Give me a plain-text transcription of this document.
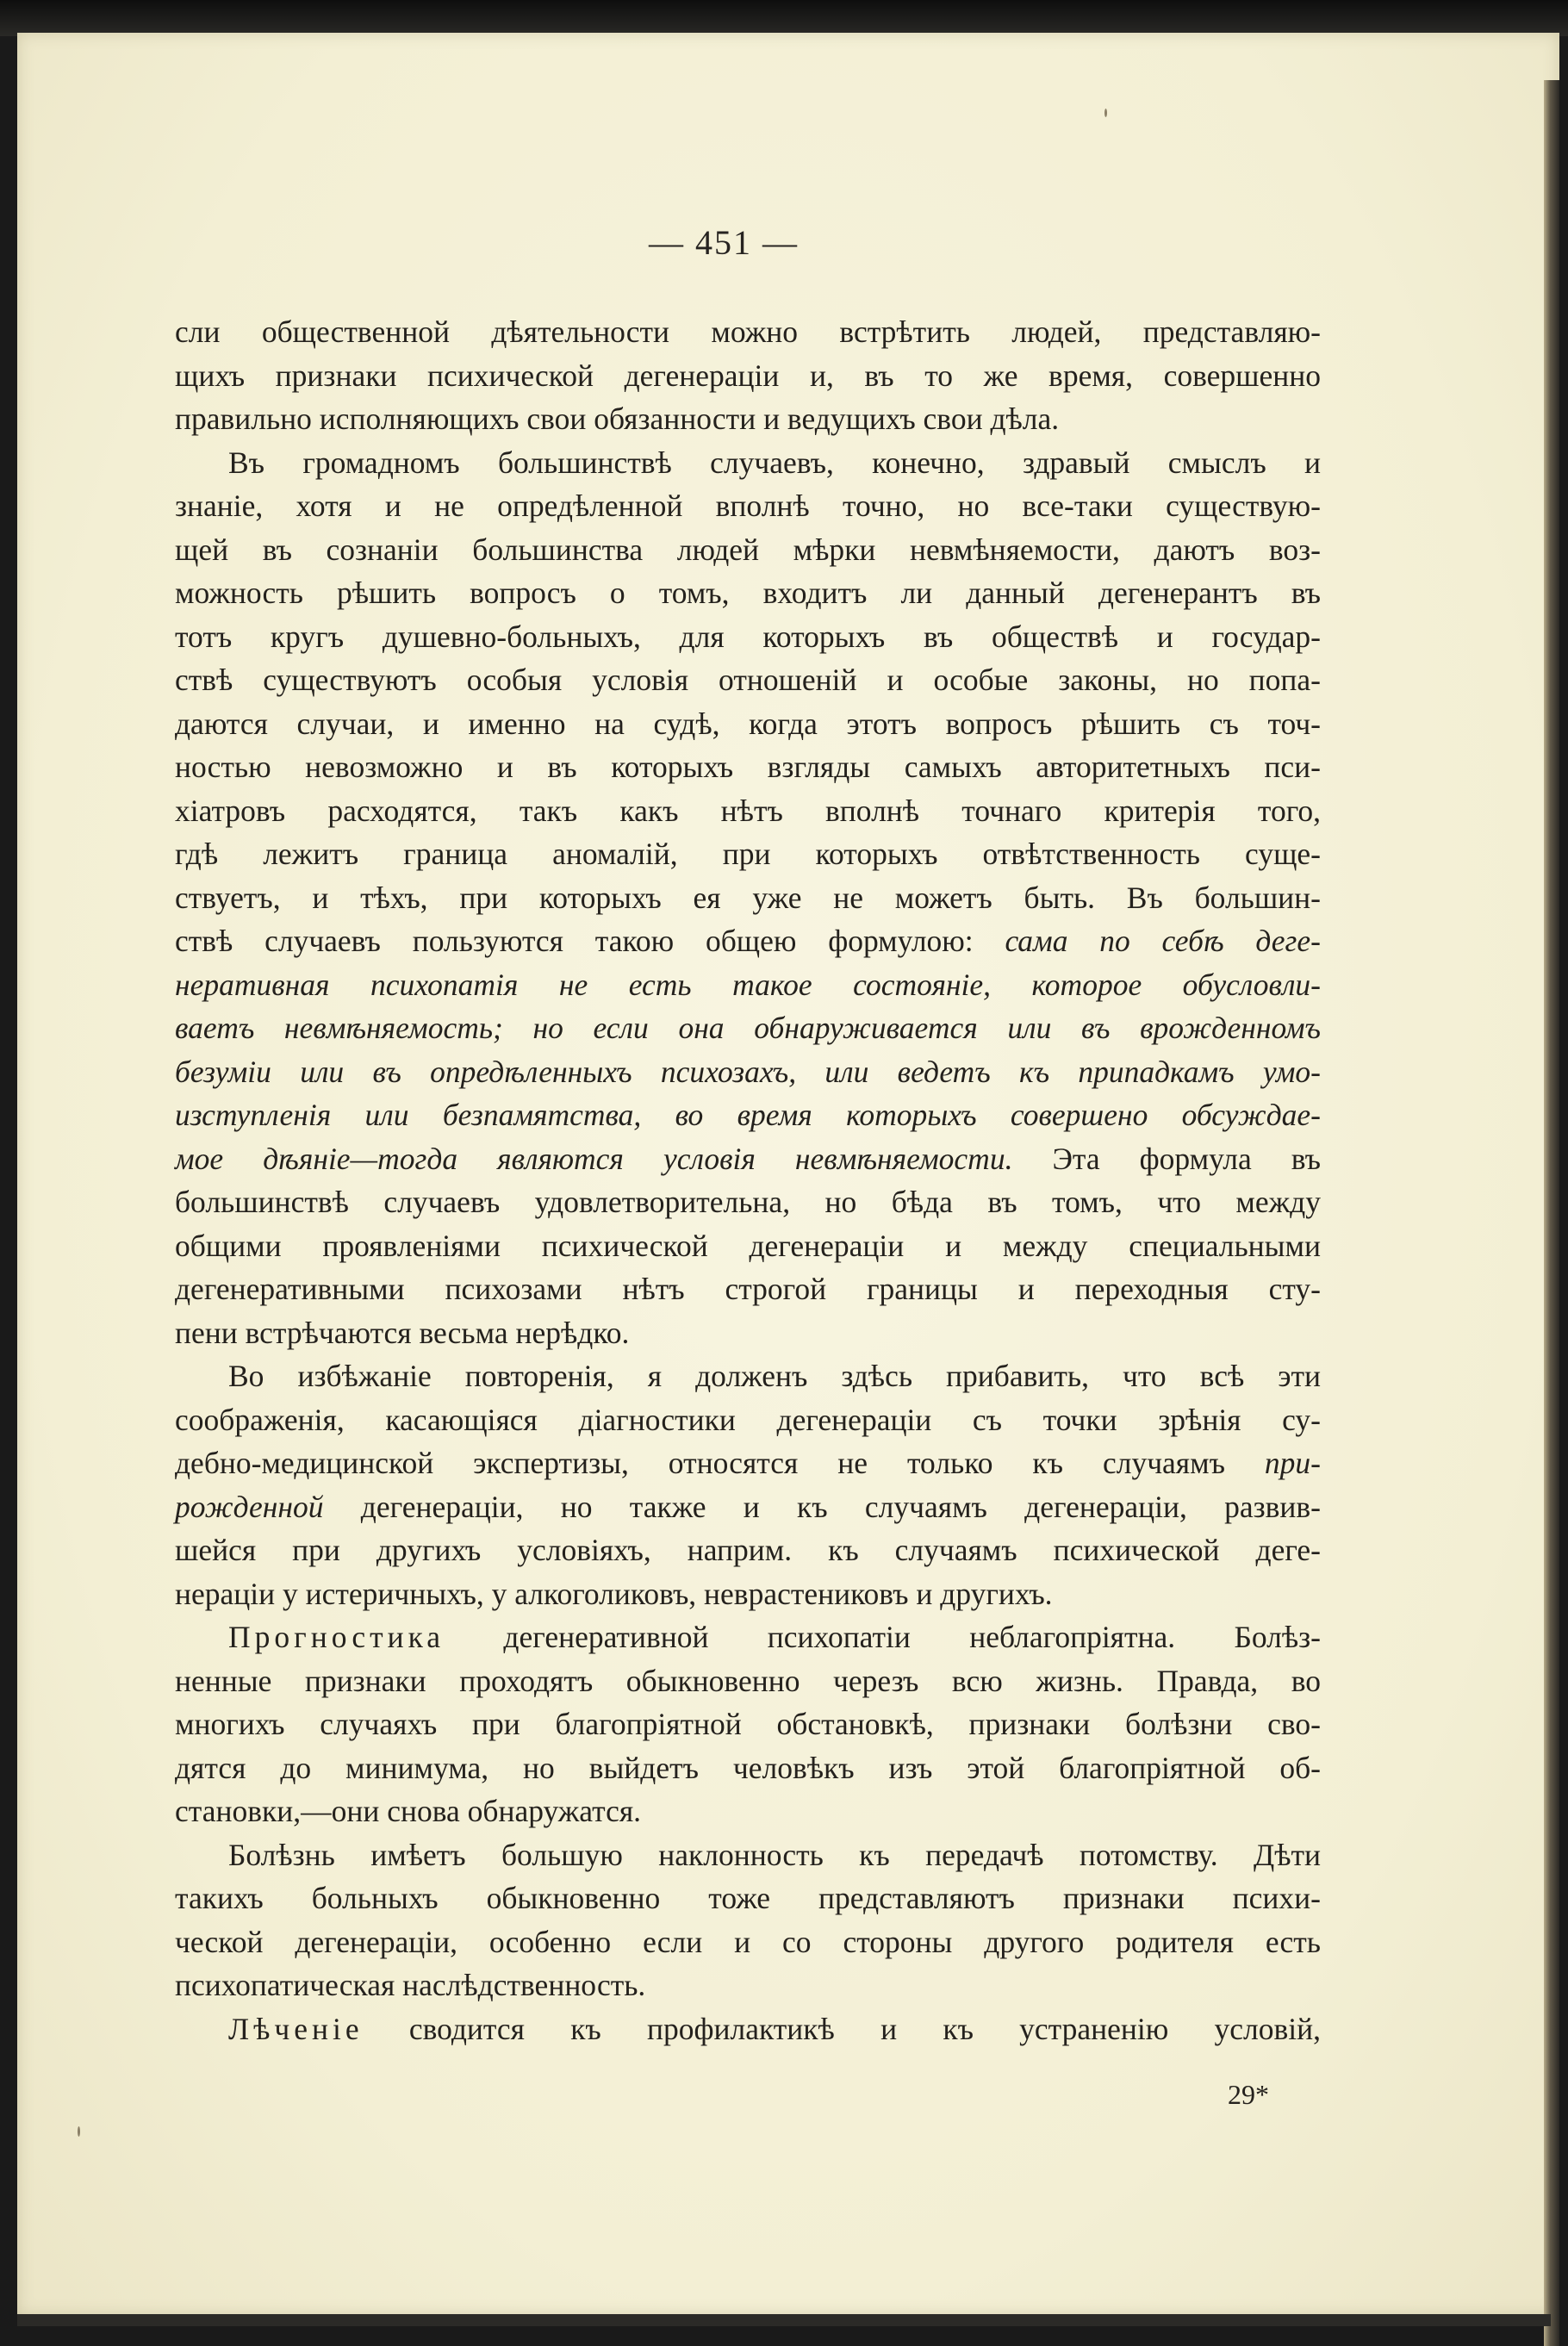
— 451 —
сли общественной дѣятельности можно встрѣтить людей, представляю-
щихъ признаки психической дегенераціи и, въ то же время, совершенно
правильно исполняющихъ свои обязанности и ведущихъ свои дѣла.
Въ громадномъ большинствѣ случаевъ, конечно, здравый смыслъ и
знаніе, хотя и не опредѣленной вполнѣ точно, но все-таки существую-
щей въ сознаніи большинства людей мѣрки невмѣняемости, даютъ воз-
можность рѣшить вопросъ о томъ, входитъ ли данный дегенерантъ въ
тотъ кругъ душевно-больныхъ, для которыхъ въ обществѣ и государ-
ствѣ существуютъ особыя условія отношеній и особые законы, но попа-
даются случаи, и именно на судѣ, когда этотъ вопросъ рѣшить съ точ-
ностью невозможно и въ которыхъ взгляды самыхъ авторитетныхъ пси-
хіатровъ расходятся, такъ какъ нѣтъ вполнѣ точнаго критерія того,
гдѣ лежитъ граница аномалій, при которыхъ отвѣтственность суще-
ствуетъ, и тѣхъ, при которыхъ ея уже не можетъ быть. Въ большин-
ствѣ случаевъ пользуются такою общею формулою: сама по себѣ деге-
неративная психопатія не есть такое состояніе, которое обусловли-
ваетъ невмѣняемость; но если она обнаруживается или въ врожденномъ
безуміи или въ опредѣленныхъ психозахъ, или ведетъ къ припадкамъ умо-
изступленія или безпамятства, во время которыхъ совершено обсуждае-
мое дѣяніе—тогда являются условія невмѣняемости. Эта формула въ
большинствѣ случаевъ удовлетворительна, но бѣда въ томъ, что между
общими проявленіями психической дегенераціи и между специальными
дегенеративными психозами нѣтъ строгой границы и переходныя сту-
пени встрѣчаются весьма нерѣдко.
Во избѣжаніе повторенія, я долженъ здѣсь прибавить, что всѣ эти
соображенія, касающіяся діагностики дегенераціи съ точки зрѣнія су-
дебно-медицинской экспертизы, относятся не только къ случаямъ при-
рожденной дегенераціи, но также и къ случаямъ дегенераціи, развив-
шейся при другихъ условіяхъ, наприм. къ случаямъ психической деге-
нераціи у истеричныхъ, у алкоголиковъ, неврастениковъ и другихъ.
Прогностика дегенеративной психопатіи неблагопріятна. Болѣз-
ненные признаки проходятъ обыкновенно черезъ всю жизнь. Правда, во
многихъ случаяхъ при благопріятной обстановкѣ, признаки болѣзни сво-
дятся до минимума, но выйдетъ человѣкъ изъ этой благопріятной об-
становки,—они снова обнаружатся.
Болѣзнь имѣетъ большую наклонность къ передачѣ потомству. Дѣти
такихъ больныхъ обыкновенно тоже представляютъ признаки психи-
ческой дегенераціи, особенно если и со стороны другого родителя есть
психопатическая наслѣдственность.
Лѣченіе сводится къ профилактикѣ и къ устраненію условій,
29*
